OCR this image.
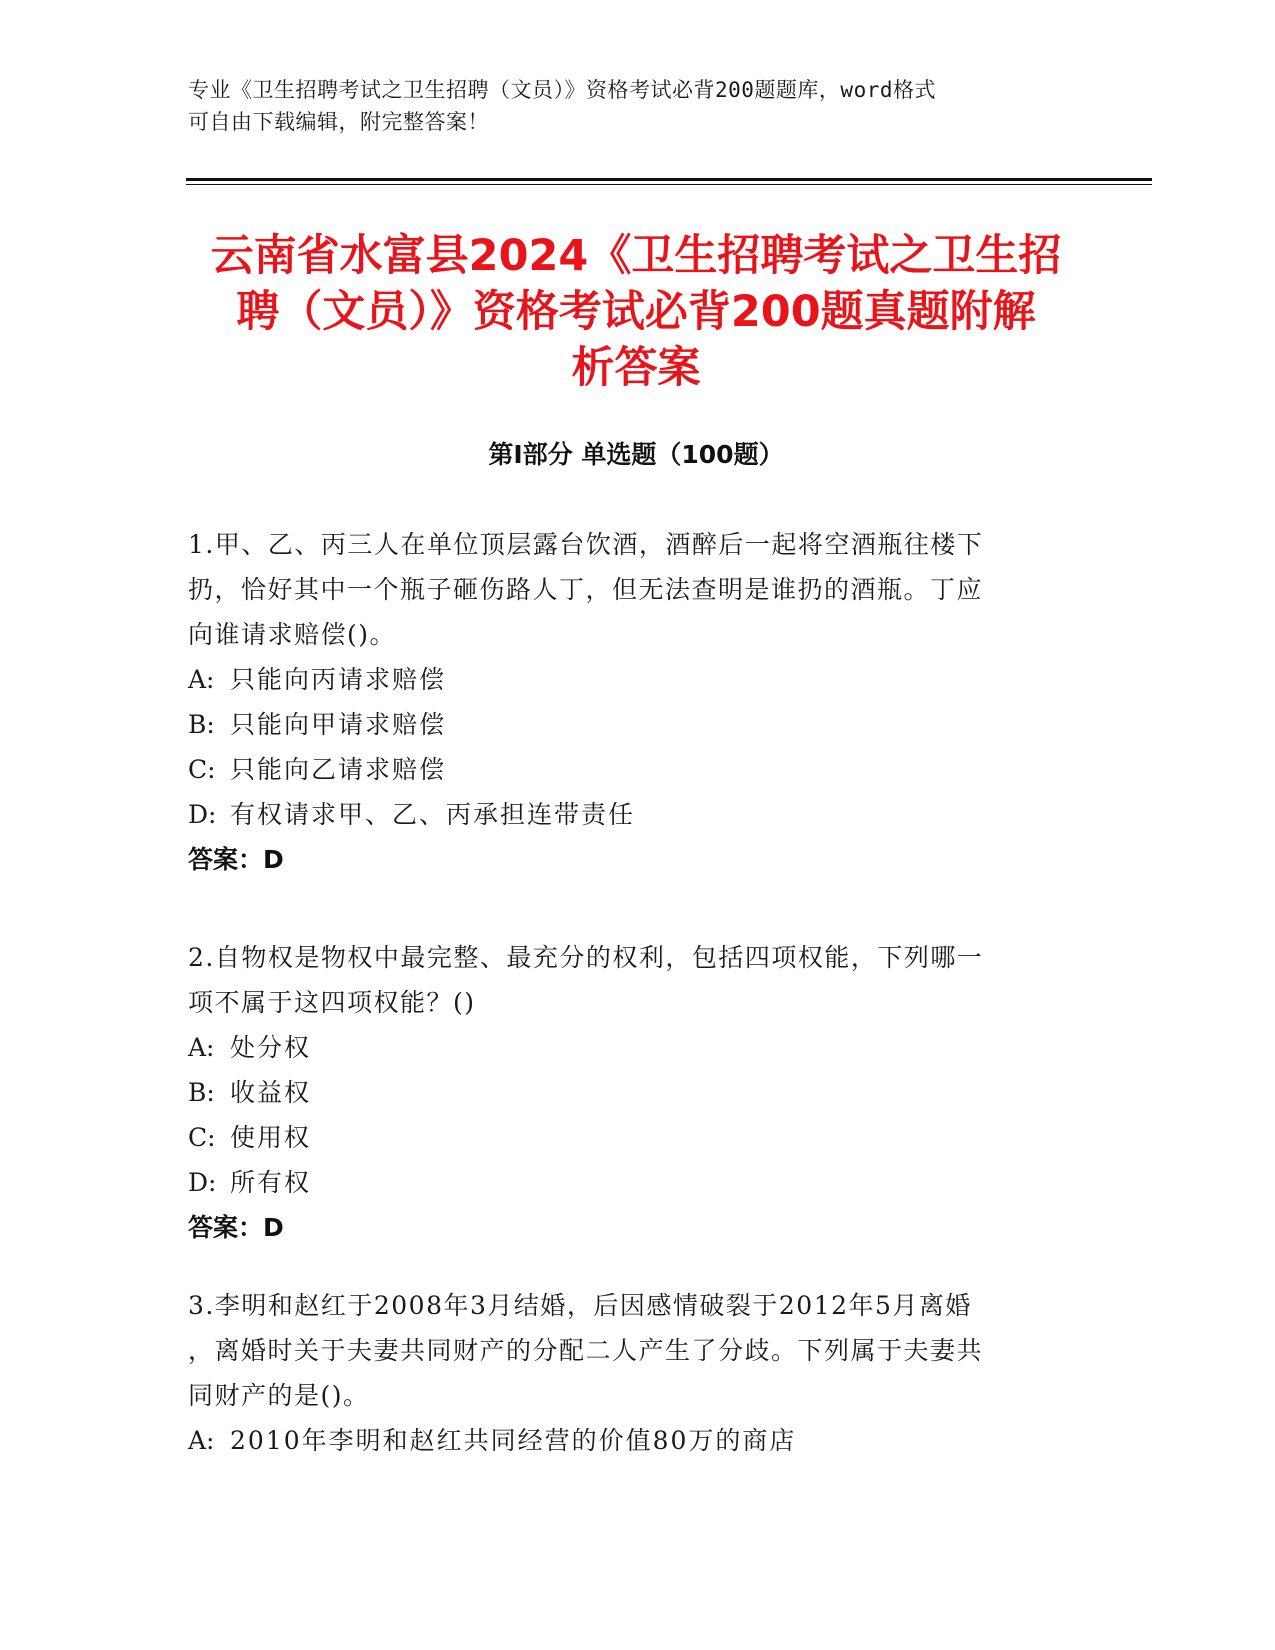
专业《卫生招聘考试之卫生招聘（文员）》资格考试必背200题题库，word格式
可自由下载编辑，附完整答案！
云南省水富县2024《卫生招聘考试之卫生招
聘（文员）》资格考试必背200题真题附解
析答案
第Ⅰ部分 单选题（100题）
1.甲、乙、丙三人在单位顶层露台饮酒，酒醉后一起将空酒瓶往楼下
扔，恰好其中一个瓶子砸伤路人丁，但无法查明是谁扔的酒瓶。丁应
向谁请求赔偿()。
A: 只能向丙请求赔偿
B: 只能向甲请求赔偿
C: 只能向乙请求赔偿
D: 有权请求甲、乙、丙承担连带责任
答案：D
2.自物权是物权中最完整、最充分的权利，包括四项权能，下列哪一
项不属于这四项权能？()
A: 处分权
B: 收益权
C: 使用权
D: 所有权
答案：D
3.李明和赵红于2008年3月结婚，后因感情破裂于2012年5月离婚
，离婚时关于夫妻共同财产的分配二人产生了分歧。下列属于夫妻共
同财产的是()。
A: 2010年李明和赵红共同经营的价值80万的商店
